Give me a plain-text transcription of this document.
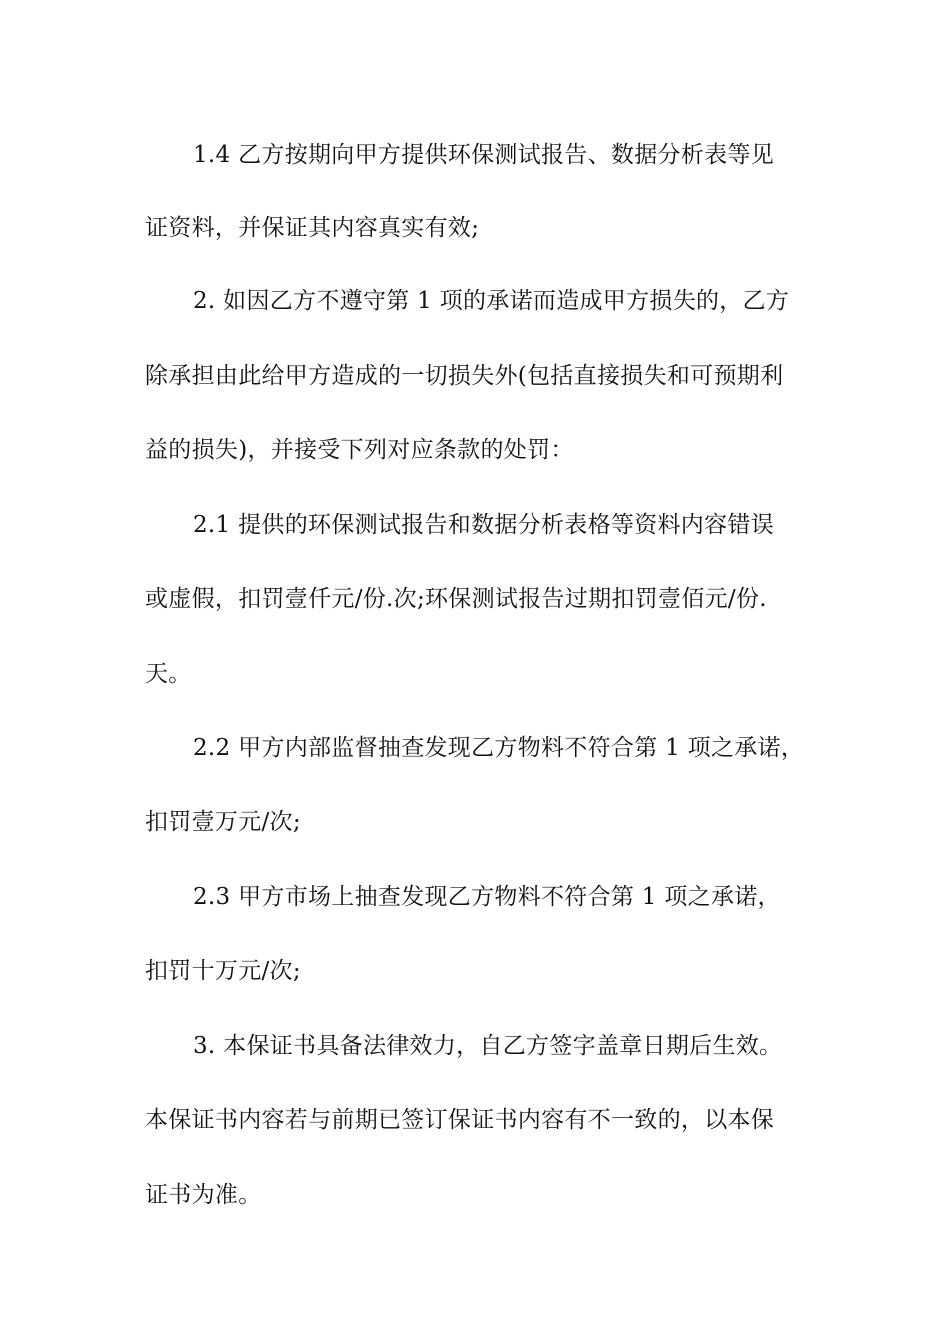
1.4 乙方按期向甲方提供环保测试报告、数据分析表等见
证资料，并保证其内容真实有效;
2. 如因乙方不遵守第 1 项的承诺而造成甲方损失的，乙方
除承担由此给甲方造成的一切损失外(包括直接损失和可预期利
益的损失)，并接受下列对应条款的处罚：
2.1 提供的环保测试报告和数据分析表格等资料内容错误
或虚假，扣罚壹仟元/份.次;环保测试报告过期扣罚壹佰元/份.
天。
2.2 甲方内部监督抽查发现乙方物料不符合第 1 项之承诺，
扣罚壹万元/次;
2.3 甲方市场上抽查发现乙方物料不符合第 1 项之承诺，
扣罚十万元/次;
3. 本保证书具备法律效力，自乙方签字盖章日期后生效。
本保证书内容若与前期已签订保证书内容有不一致的，以本保
证书为准。
